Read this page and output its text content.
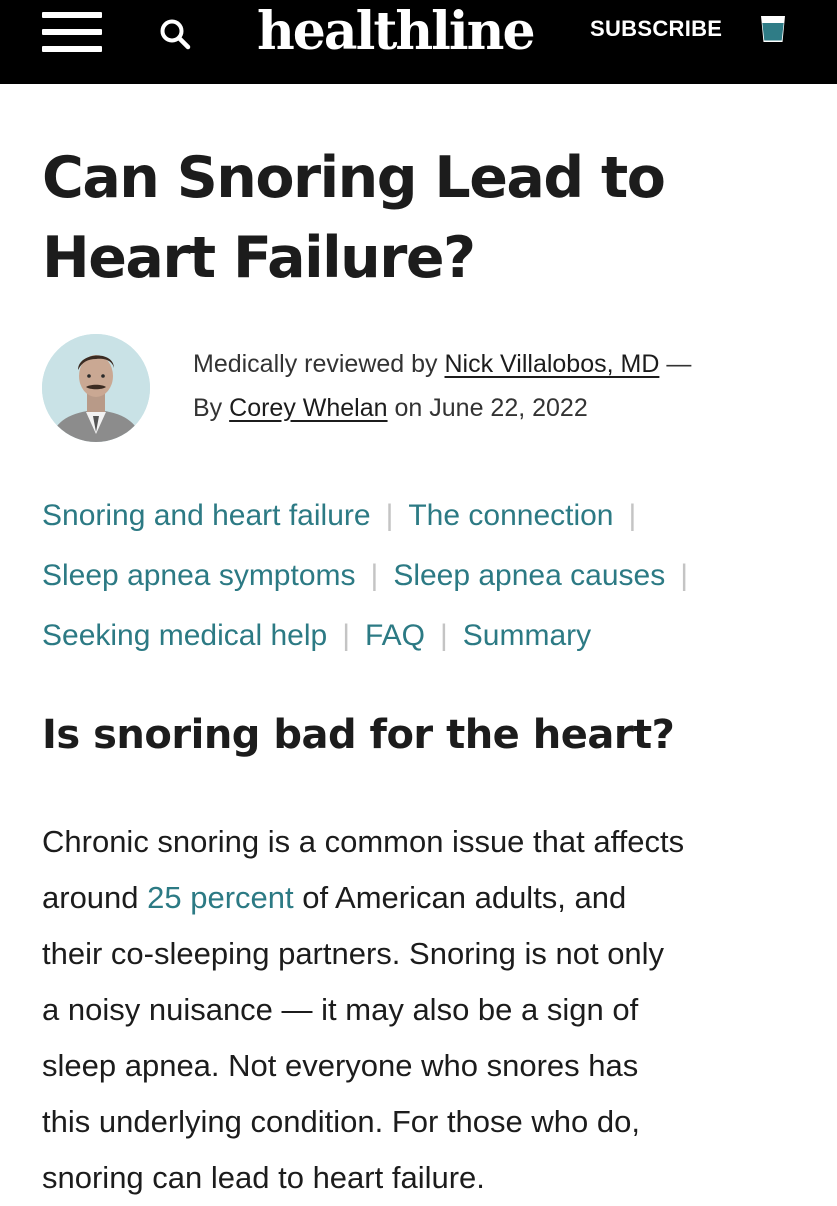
healthline	SUBSCRIBE
Can Snoring Lead to Heart Failure?
Medically reviewed by Nick Villalobos, MD —
By Corey Whelan on June 22, 2022
Snoring and heart failure | The connection |
Sleep apnea symptoms | Sleep apnea causes |
Seeking medical help | FAQ | Summary
Is snoring bad for the heart?

Chronic snoring is a common issue that affects
around 25 percent of American adults, and
their co-sleeping partners. Snoring is not only
a noisy nuisance — it may also be a sign of
sleep apnea. Not everyone who snores has
this underlying condition. For those who do,
snoring can lead to heart failure.
